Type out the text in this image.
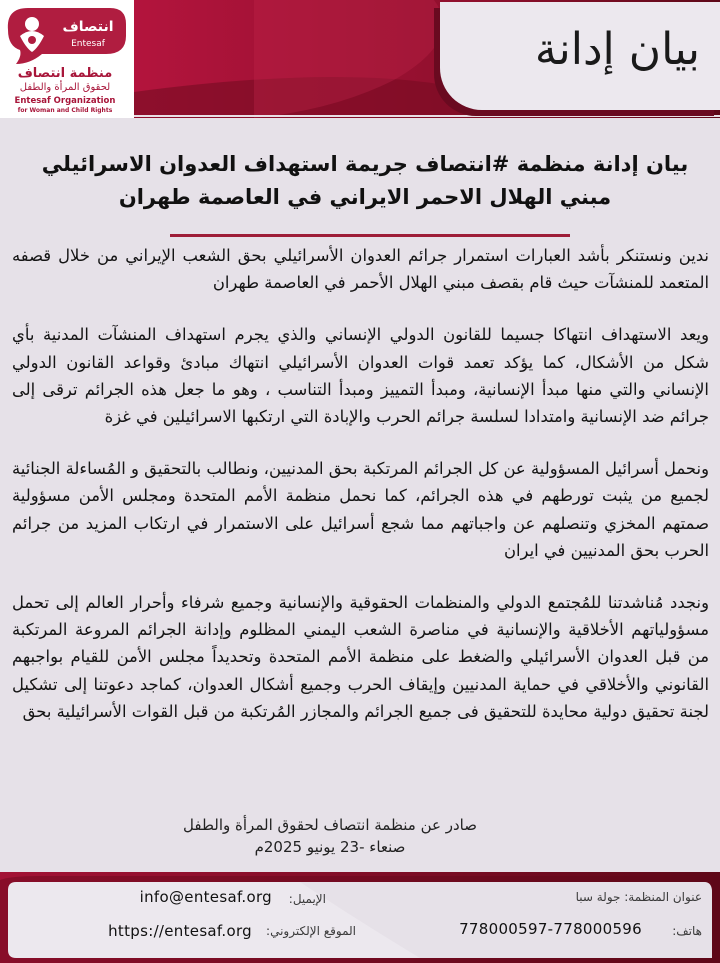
انتصاف
Entesaf
منظمة انتصاف
لحقوق المرأة والطفل
Entesaf Organization
for Woman and Child Rights
بيان إدانة
بيان إدانة منظمة #انتصاف جريمة استهداف العدوان الاسرائيلي
مبني الهلال الاحمر الايراني في العاصمة طهران

ندين ونستنكر بأشد العبارات استمرار جرائم العدوان الأسرائيلي بحق الشعب الإيراني من خلال قصفه المتعمد للمنشآت حيث قام بقصف مبني الهلال الأحمر في العاصمة طهران

ويعد الاستهداف انتهاكا جسيما للقانون الدولي الإنساني والذي يجرم استهداف المنشآت المدنية بأي شكل من الأشكال، كما يؤكد تعمد قوات العدوان الأسرائيلي انتهاك مبادئ وقواعد القانون الدولي الإنساني والتي منها مبدأ الإنسانية، ومبدأ التمييز ومبدأ التناسب ، وهو ما جعل هذه الجرائم ترقى إلى جرائم ضد الإنسانية وامتدادا لسلسة جرائم الحرب والإبادة التي ارتكبها الاسرائيلين في غزة

ونحمل أسرائيل المسؤولية عن كل الجرائم المرتكبة بحق المدنيين، ونطالب بالتحقيق و المُساءلة الجنائية لجميع من يثبت تورطهم في هذه الجرائم، كما نحمل منظمة الأمم المتحدة ومجلس الأمن مسؤولية صمتهم المخزي وتنصلهم عن واجباتهم مما شجع أسرائيل على الاستمرار في ارتكاب المزيد من جرائم الحرب بحق المدنيين في ايران

ونجدد مُناشدتنا للمُجتمع الدولي والمنظمات الحقوقية والإنسانية وجميع شرفاء وأحرار العالم إلى تحمل مسؤولياتهم الأخلاقية والإنسانية في مناصرة الشعب اليمني المظلوم وإدانة الجرائم المروعة المرتكبة من قبل العدوان الأسرائيلي والضغط على منظمة الأمم المتحدة وتحديداً مجلس الأمن للقيام بواجبهم القانوني والأخلاقي في حماية المدنيين وإيقاف الحرب وجميع أشكال العدوان، كماجد دعوتنا إلى تشكيل لجنة تحقيق دولية محايدة للتحقيق فى جميع الجرائم والمجازر المُرتكبة من قبل القوات الأسرائيلية بحق

صادر عن منظمة انتصاف لحقوق المرأة والطفل
صنعاء -23 يونيو 2025م
عنوان المنظمة: جولة سبا
هاتف:
778000597-778000596
الإيميل:
info@entesaf.org
الموقع الإلكتروني:
https://entesaf.org
